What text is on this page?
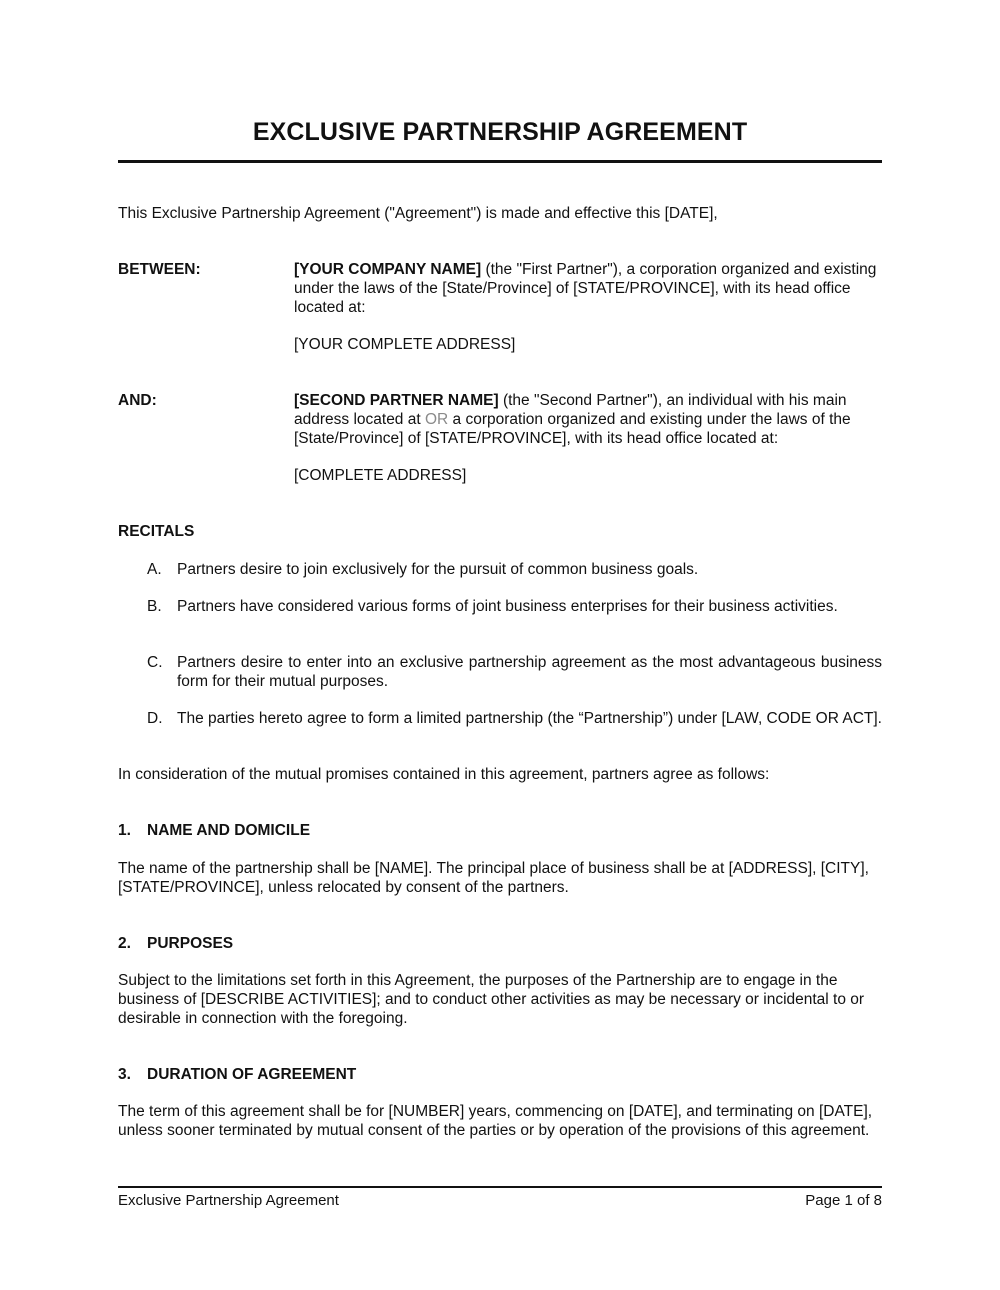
EXCLUSIVE PARTNERSHIP AGREEMENT
This Exclusive Partnership Agreement ("Agreement") is made and effective this [DATE],
BETWEEN:	[YOUR COMPANY NAME] (the "First Partner"), a corporation organized and existing under the laws of the [State/Province] of [STATE/PROVINCE], with its head office located at:
[YOUR COMPLETE ADDRESS]
AND:	[SECOND PARTNER NAME] (the "Second Partner"), an individual with his main address located at OR a corporation organized and existing under the laws of the [State/Province] of [STATE/PROVINCE], with its head office located at:
[COMPLETE ADDRESS]
RECITALS
A. Partners desire to join exclusively for the pursuit of common business goals.
B. Partners have considered various forms of joint business enterprises for their business activities.
C. Partners desire to enter into an exclusive partnership agreement as the most advantageous business form for their mutual purposes.
D. The parties hereto agree to form a limited partnership (the “Partnership”) under [LAW, CODE OR ACT].
In consideration of the mutual promises contained in this agreement, partners agree as follows:
1. NAME AND DOMICILE
The name of the partnership shall be [NAME]. The principal place of business shall be at [ADDRESS], [CITY], [STATE/PROVINCE], unless relocated by consent of the partners.
2. PURPOSES
Subject to the limitations set forth in this Agreement, the purposes of the Partnership are to engage in the business of [DESCRIBE ACTIVITIES]; and to conduct other activities as may be necessary or incidental to or desirable in connection with the foregoing.
3. DURATION OF AGREEMENT
The term of this agreement shall be for [NUMBER] years, commencing on [DATE], and terminating on [DATE], unless sooner terminated by mutual consent of the parties or by operation of the provisions of this agreement.
Exclusive Partnership Agreement	Page 1 of 8
